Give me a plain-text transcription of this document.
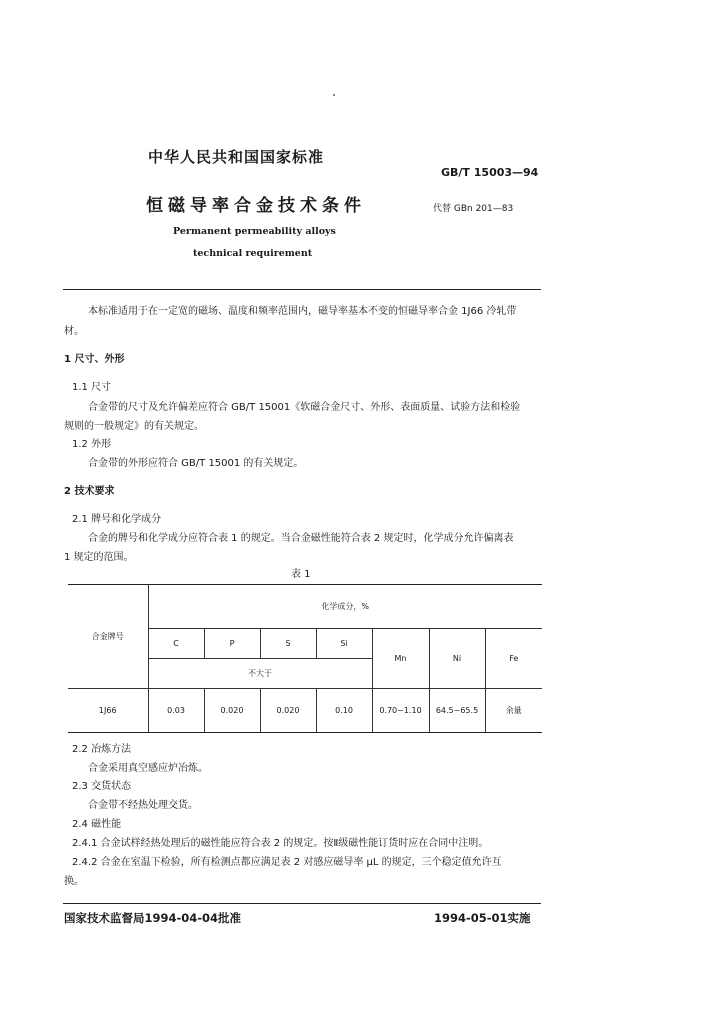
中华人民共和国国家标准
GB/T 15003—94
恒磁导率合金技术条件	代替 GBn 201—83
Permanent permeability alloys
technical requirement
本标准适用于在一定宽的磁场、温度和频率范围内，磁导率基本不变的恒磁导率合金 1J66 冷轧带
材。
1 尺寸、外形
1.1 尺寸
合金带的尺寸及允许偏差应符合 GB/T 15001《软磁合金尺寸、外形、表面质量、试验方法和检验
规则的一般规定》的有关规定。
1.2 外形
合金带的外形应符合 GB/T 15001 的有关规定。
2 技术要求
2.1 牌号和化学成分
合金的牌号和化学成分应符合表 1 的规定。当合金磁性能符合表 2 规定时，化学成分允许偏离表
1 规定的范围。
表 1
合金牌号	化学成分，%						
	C	P	S	Si	Mn	Ni	Fe
	不大于						
1J66	0.03	0.020	0.020	0.10	0.70~1.10	64.5~65.5	余量
2.2 冶炼方法
合金采用真空感应炉冶炼。
2.3 交货状态
合金带不经热处理交货。
2.4 磁性能
2.4.1 合金试样经热处理后的磁性能应符合表 2 的规定。按Ⅱ级磁性能订货时应在合同中注明。
2.4.2 合金在室温下检验，所有检测点都应满足表 2 对感应磁导率 μL 的规定，三个稳定值允许互
换。
国家技术监督局1994-04-04批准	1994-05-01实施
